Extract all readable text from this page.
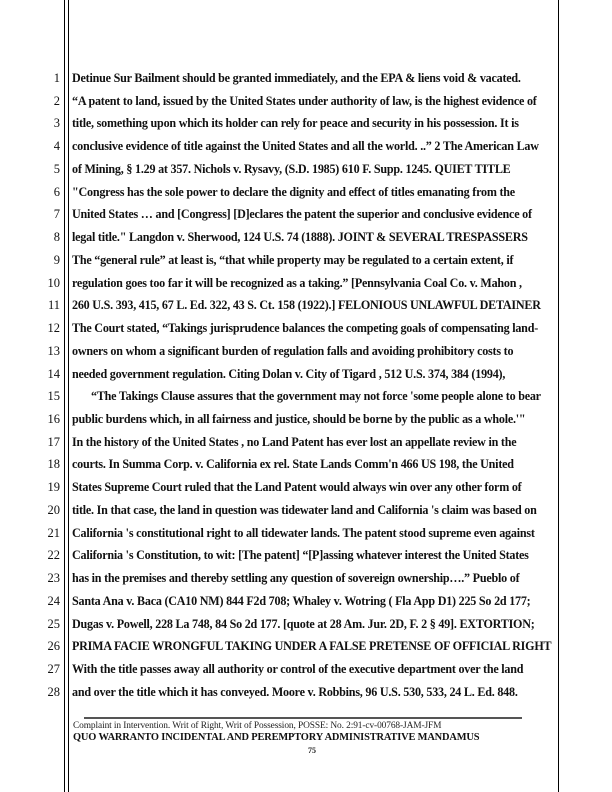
1
2
3
4
5
6
7
8
9
10
11
12
13
14
15
16
17
18
19
20
21
22
23
24
25
26
27
28
Detinue Sur Bailment should be granted immediately, and the EPA & liens void & vacated.
“A patent to land, issued by the United States under authority of law, is the highest evidence of
title, something upon which its holder can rely for peace and security in his possession. It is
conclusive evidence of title against the United States and all the world. ..” 2 The American Law
of Mining, § 1.29 at 357. Nichols v. Rysavy, (S.D. 1985) 610 F. Supp. 1245. QUIET TITLE
"Congress has the sole power to declare the dignity and effect of titles emanating from the
United States … and [Congress] [D]eclares the patent the superior and conclusive evidence of
legal title." Langdon v. Sherwood, 124 U.S. 74 (1888). JOINT & SEVERAL TRESPASSERS
The “general rule” at least is, “that while property may be regulated to a certain extent, if
regulation goes too far it will be recognized as a taking.” [Pennsylvania Coal Co. v. Mahon ,
260 U.S. 393, 415, 67 L. Ed. 322, 43 S. Ct. 158 (1922).] FELONIOUS UNLAWFUL DETAINER
The Court stated, “Takings jurisprudence balances the competing goals of compensating land-
owners on whom a significant burden of regulation falls and avoiding prohibitory costs to
needed government regulation. Citing Dolan v. City of Tigard , 512 U.S. 374, 384 (1994),
“The Takings Clause assures that the government may not force 'some people alone to bear
public burdens which, in all fairness and justice, should be borne by the public as a whole.'"
In the history of the United States , no Land Patent has ever lost an appellate review in the
courts. In Summa Corp. v. California ex rel. State Lands Comm'n 466 US 198, the United
States Supreme Court ruled that the Land Patent would always win over any other form of
title. In that case, the land in question was tidewater land and California 's claim was based on
California 's constitutional right to all tidewater lands. The patent stood supreme even against
California 's Constitution, to wit: [The patent] “[P]assing whatever interest the United States
has in the premises and thereby settling any question of sovereign ownership….” Pueblo of
Santa Ana v. Baca (CA10 NM) 844 F2d 708; Whaley v. Wotring ( Fla App D1) 225 So 2d 177;
Dugas v. Powell, 228 La 748, 84 So 2d 177. [quote at 28 Am. Jur. 2D, F. 2 § 49]. EXTORTION;
PRIMA FACIE WRONGFUL TAKING UNDER A FALSE PRETENSE OF OFFICIAL RIGHT
With the title passes away all authority or control of the executive department over the land
and over the title which it has conveyed. Moore v. Robbins, 96 U.S. 530, 533, 24 L. Ed. 848.
Complaint in Intervention. Writ of Right, Writ of Possession, POSSE: No. 2:91-cv-00768-JAM-JFM
QUO WARRANTO INCIDENTAL AND PEREMPTORY ADMINISTRATIVE MANDAMUS
75
